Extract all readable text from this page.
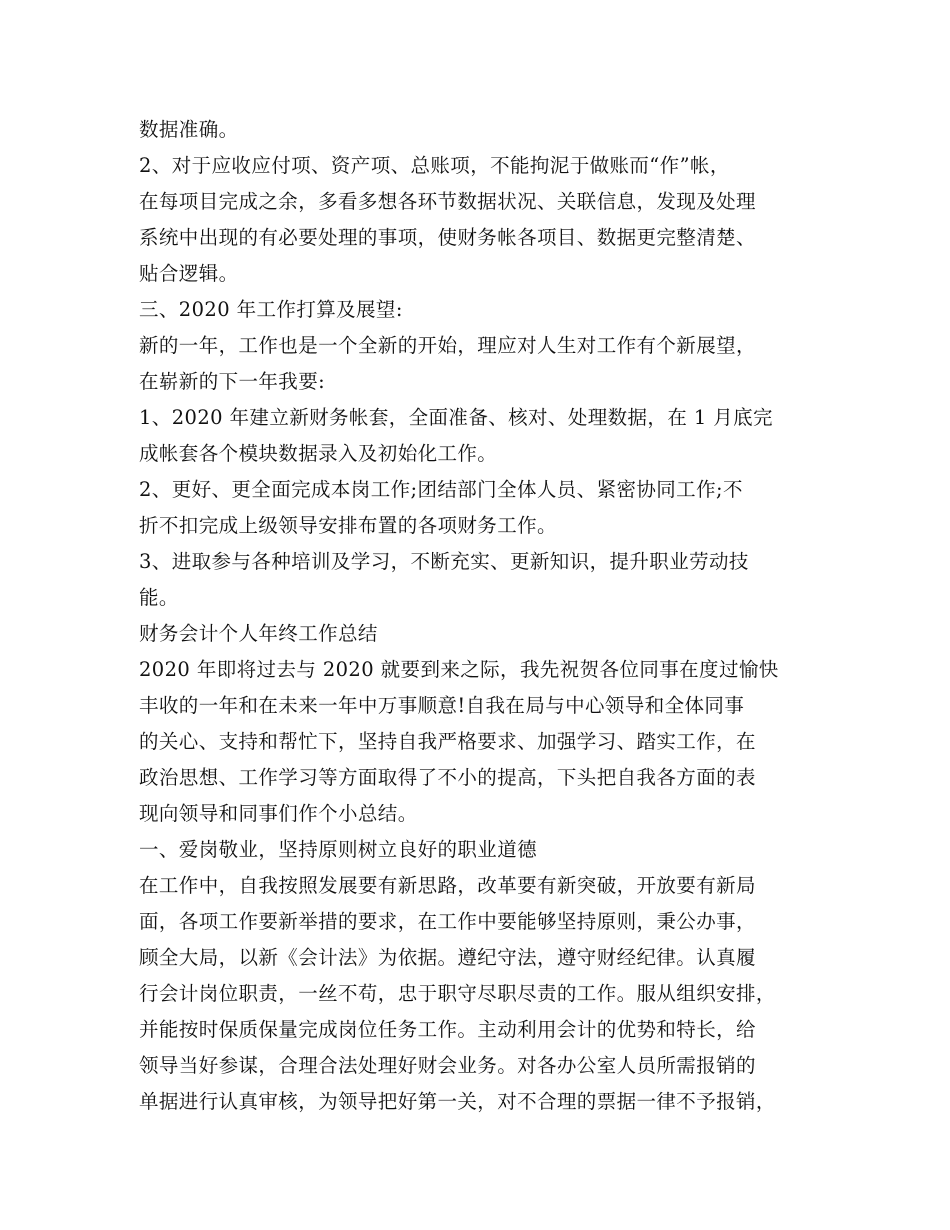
数据准确。
2、对于应收应付项、资产项、总账项，不能拘泥于做账而“作”帐，
在每项目完成之余，多看多想各环节数据状况、关联信息，发现及处理
系统中出现的有必要处理的事项，使财务帐各项目、数据更完整清楚、
贴合逻辑。
三、2020 年工作打算及展望:
新的一年，工作也是一个全新的开始，理应对人生对工作有个新展望，
在崭新的下一年我要:
1、2020 年建立新财务帐套，全面准备、核对、处理数据，在 1 月底完
成帐套各个模块数据录入及初始化工作。
2、更好、更全面完成本岗工作;团结部门全体人员、紧密协同工作;不
折不扣完成上级领导安排布置的各项财务工作。
3、进取参与各种培训及学习，不断充实、更新知识，提升职业劳动技
能。
财务会计个人年终工作总结
2020 年即将过去与 2020 就要到来之际，我先祝贺各位同事在度过愉快
丰收的一年和在未来一年中万事顺意!自我在局与中心领导和全体同事
的关心、支持和帮忙下，坚持自我严格要求、加强学习、踏实工作，在
政治思想、工作学习等方面取得了不小的提高，下头把自我各方面的表
现向领导和同事们作个小总结。
一、爱岗敬业，坚持原则树立良好的职业道德
在工作中，自我按照发展要有新思路，改革要有新突破，开放要有新局
面，各项工作要新举措的要求，在工作中要能够坚持原则，秉公办事，
顾全大局，以新《会计法》为依据。遵纪守法，遵守财经纪律。认真履
行会计岗位职责，一丝不苟，忠于职守尽职尽责的工作。服从组织安排，
并能按时保质保量完成岗位任务工作。主动利用会计的优势和特长，给
领导当好参谋，合理合法处理好财会业务。对各办公室人员所需报销的
单据进行认真审核，为领导把好第一关，对不合理的票据一律不予报销，
